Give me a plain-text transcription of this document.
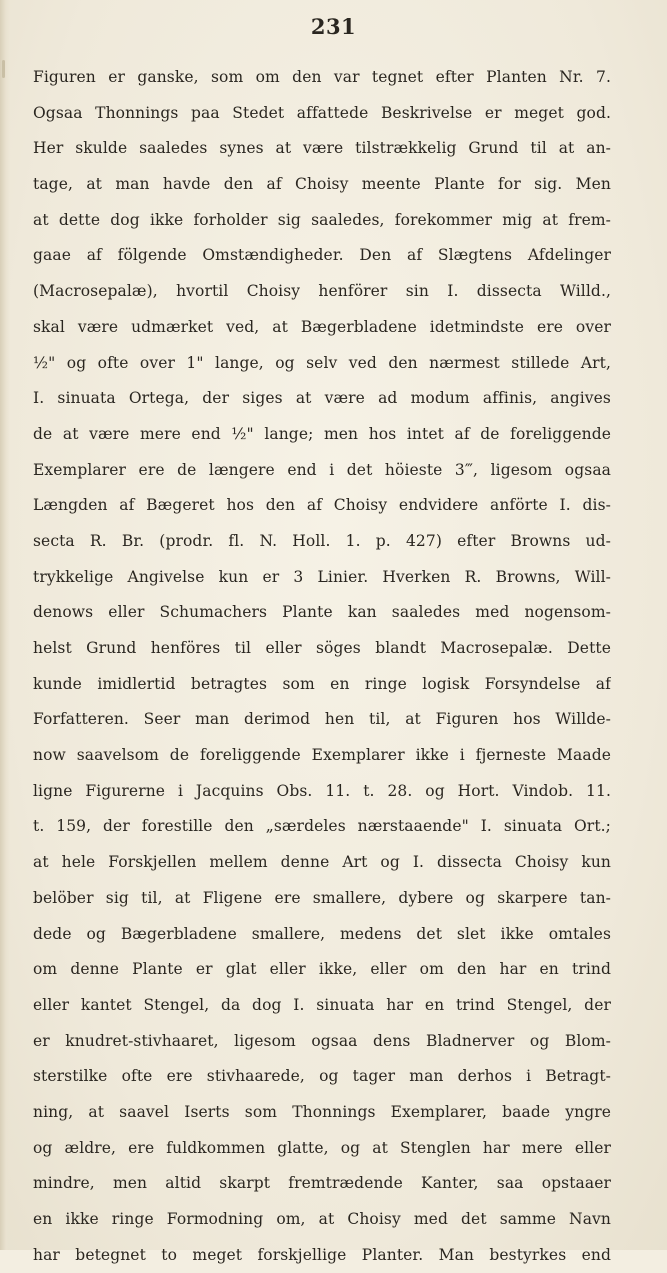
231
Figuren er ganske, som om den var tegnet efter Planten Nr. 7.
Ogsaa Thonnings paa Stedet affattede Beskrivelse er meget god.
Her skulde saaledes synes at være tilstrækkelig Grund til at an-
tage, at man havde den af Choisy meente Plante for sig. Men
at dette dog ikke forholder sig saaledes, forekommer mig at frem-
gaae af fölgende Omstændigheder. Den af Slægtens Afdelinger
(Macrosepalæ), hvortil Choisy henförer sin I. dissecta Willd.,
skal være udmærket ved, at Bægerbladene idetmindste ere over
½" og ofte over 1" lange, og selv ved den nærmest stillede Art,
I. sinuata Ortega, der siges at være ad modum affinis, angives
de at være mere end ½" lange; men hos intet af de foreliggende
Exemplarer ere de længere end i det höieste 3‴, ligesom ogsaa
Længden af Bægeret hos den af Choisy endvidere anförte I. dis-
secta R. Br. (prodr. fl. N. Holl. 1. p. 427) efter Browns ud-
trykkelige Angivelse kun er 3 Linier. Hverken R. Browns, Will-
denows eller Schumachers Plante kan saaledes med nogensom-
helst Grund henföres til eller söges blandt Macrosepalæ. Dette
kunde imidlertid betragtes som en ringe logisk Forsyndelse af
Forfatteren. Seer man derimod hen til, at Figuren hos Willde-
now saavelsom de foreliggende Exemplarer ikke i fjerneste Maade
ligne Figurerne i Jacquins Obs. 11. t. 28. og Hort. Vindob. 11.
t. 159, der forestille den „særdeles nærstaaende" I. sinuata Ort.;
at hele Forskjellen mellem denne Art og I. dissecta Choisy kun
belöber sig til, at Fligene ere smallere, dybere og skarpere tan-
dede og Bægerbladene smallere, medens det slet ikke omtales
om denne Plante er glat eller ikke, eller om den har en trind
eller kantet Stengel, da dog I. sinuata har en trind Stengel, der
er knudret-stivhaaret, ligesom ogsaa dens Bladnerver og Blom-
sterstilke ofte ere stivhaarede, og tager man derhos i Betragt-
ning, at saavel Iserts som Thonnings Exemplarer, baade yngre
og ældre, ere fuldkommen glatte, og at Stenglen har mere eller
mindre, men altid skarpt fremtrædende Kanter, saa opstaaer
en ikke ringe Formodning om, at Choisy med det samme Navn
har betegnet to meget forskjellige Planter. Man bestyrkes end
